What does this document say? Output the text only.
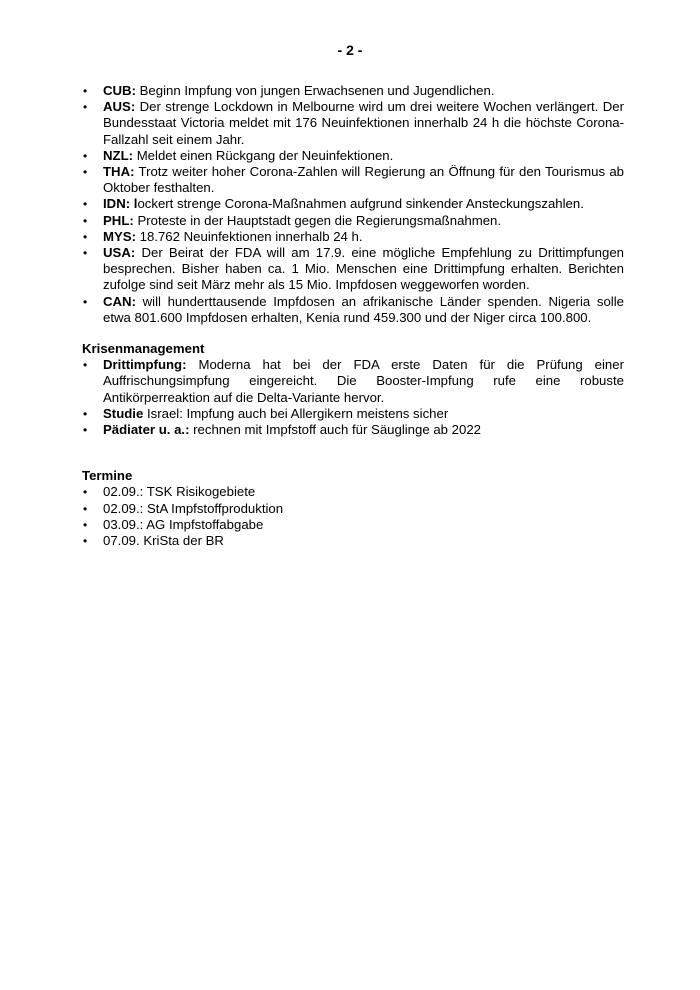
- 2 -
• CUB: Beginn Impfung von jungen Erwachsenen und Jugendlichen.
• AUS: Der strenge Lockdown in Melbourne wird um drei weitere Wochen verlängert. Der Bundesstaat Victoria meldet mit 176 Neuinfektionen innerhalb 24 h die höchste Corona-Fallzahl seit einem Jahr.
• NZL: Meldet einen Rückgang der Neuinfektionen.
• THA: Trotz weiter hoher Corona-Zahlen will Regierung an Öffnung für den Tourismus ab Oktober festhalten.
• IDN: lockert strenge Corona-Maßnahmen aufgrund sinkender Ansteckungszahlen.
• PHL: Proteste in der Hauptstadt gegen die Regierungsmaßnahmen.
• MYS: 18.762 Neuinfektionen innerhalb 24 h.
• USA: Der Beirat der FDA will am 17.9. eine mögliche Empfehlung zu Drittimpfungen besprechen. Bisher haben ca. 1 Mio. Menschen eine Drittimpfung erhalten. Berichten zufolge sind seit März mehr als 15 Mio. Impfdosen weggeworfen worden.
• CAN: will hunderttausende Impfdosen an afrikanische Länder spenden. Nigeria solle etwa 801.600 Impfdosen erhalten, Kenia rund 459.300 und der Niger circa 100.800.

Krisenmanagement

• Drittimpfung: Moderna hat bei der FDA erste Daten für die Prüfung einer Auffrischungsimpfung eingereicht. Die Booster-Impfung rufe eine robuste Antikörperreaktion auf die Delta-Variante hervor.
• Studie Israel: Impfung auch bei Allergikern meistens sicher
• Pädiater u. a.: rechnen mit Impfstoff auch für Säuglinge ab 2022

Termine

• 02.09.: TSK Risikogebiete
• 02.09.: StA Impfstoffproduktion
• 03.09.: AG Impfstoffabgabe
• 07.09. KriSta der BR
